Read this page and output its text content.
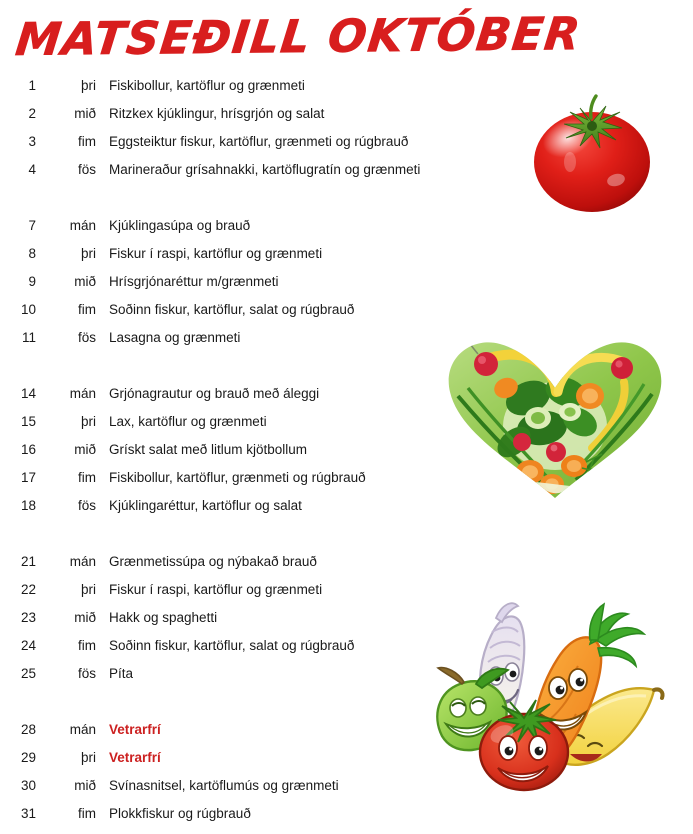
MATSEÐILL OKTÓBER
1	þri Fiskibollur, kartöflur og grænmeti
2	mið Ritzkex kjúklingur, hrísgrjón og salat
3	fim Eggsteiktur fiskur, kartöflur, grænmeti og rúgbrauð
4	fös Marineraður grísahnakki, kartöflugratín og grænmeti
7	mán Kjúklingasúpa og brauð
8	þri Fiskur í raspi, kartöflur og grænmeti
9	mið Hrísgrjónaréttur m/grænmeti
10	fim Soðinn fiskur, kartöflur, salat og rúgbrauð
11	fös Lasagna og grænmeti
14	mán Grjónagrautur og brauð með áleggi
15	þri Lax, kartöflur og grænmeti
16	mið Grískt salat með litlum kjötbollum
17	fim Fiskibollur, kartöflur, grænmeti og rúgbrauð
18	fös Kjúklingaréttur, kartöflur og salat
21	mán Grænmetissúpa og nýbakað brauð
22	þri Fiskur í raspi, kartöflur og grænmeti
23	mið Hakk og spaghetti
24	fim Soðinn fiskur, kartöflur, salat og rúgbrauð
25	fös Píta
28	mán Vetrarfrí
29	þri Vetrarfrí
30	mið Svínasnitsel, kartöflumús og grænmeti
31	fim Plokkfiskur og rúgbrauð
